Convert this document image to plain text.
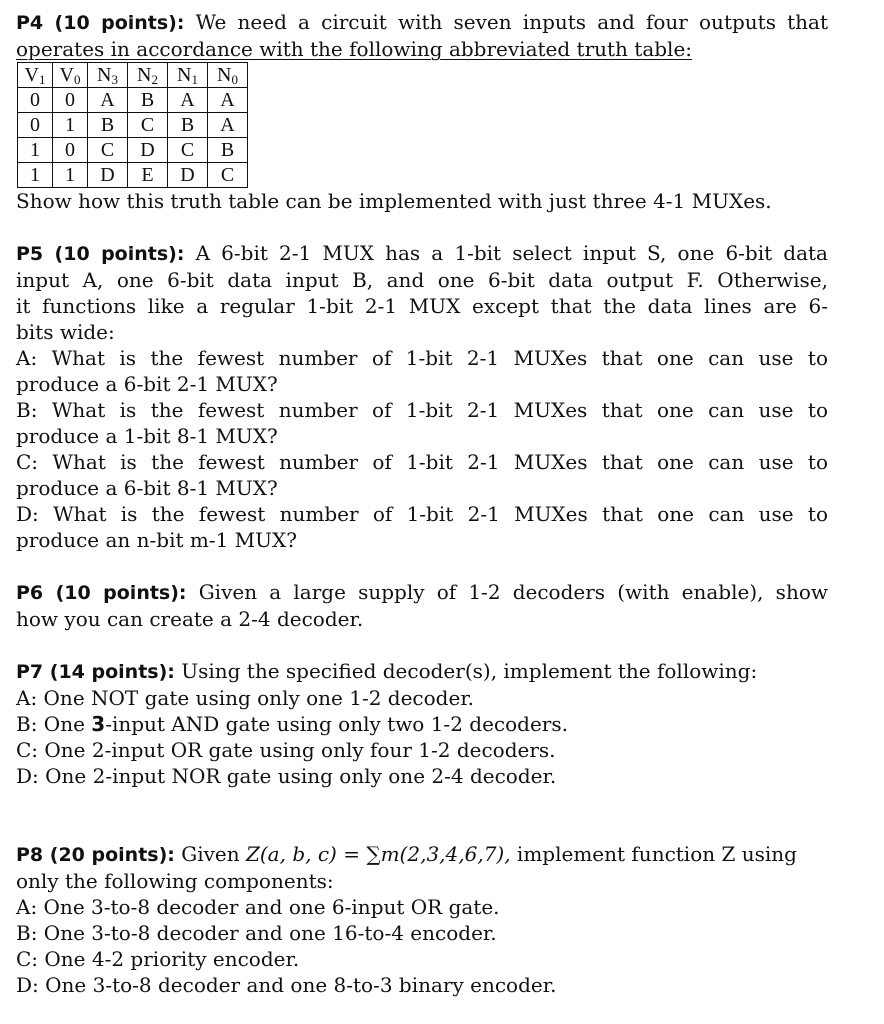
P4 (10 points): We need a circuit with seven inputs and four outputs that
operates in accordance with the following abbreviated truth table:
$V_1$	$V_0$	$N_3$	$N_2$	$N_1$	$N_0$
0	0	A	B	A	A
0	1	B	C	B	A
1	0	C	D	C	B
1	1	D	E	D	C
Show how this truth table can be implemented with just three 4-1 MUXes.
P5 (10 points): A 6-bit 2-1 MUX has a 1-bit select input S, one 6-bit data
input A, one 6-bit data input B, and one 6-bit data output F. Otherwise,
it functions like a regular 1-bit 2-1 MUX except that the data lines are 6-
bits wide:
A: What is the fewest number of 1-bit 2-1 MUXes that one can use to
produce a 6-bit 2-1 MUX?
B: What is the fewest number of 1-bit 2-1 MUXes that one can use to
produce a 1-bit 8-1 MUX?
C: What is the fewest number of 1-bit 2-1 MUXes that one can use to
produce a 6-bit 8-1 MUX?
D: What is the fewest number of 1-bit 2-1 MUXes that one can use to
produce an n-bit m-1 MUX?
P6 (10 points): Given a large supply of 1-2 decoders (with enable), show
how you can create a 2-4 decoder.
P7 (14 points): Using the specified decoder(s), implement the following:
A: One NOT gate using only one 1-2 decoder.
B: One 3-input AND gate using only two 1-2 decoders.
C: One 2-input OR gate using only four 1-2 decoders.
D: One 2-input NOR gate using only one 2-4 decoder.
P8 (20 points): Given Z(a, b, c) = ∑m(2,3,4,6,7), implement function Z using
only the following components:
A: One 3-to-8 decoder and one 6-input OR gate.
B: One 3-to-8 decoder and one 16-to-4 encoder.
C: One 4-2 priority encoder.
D: One 3-to-8 decoder and one 8-to-3 binary encoder.
